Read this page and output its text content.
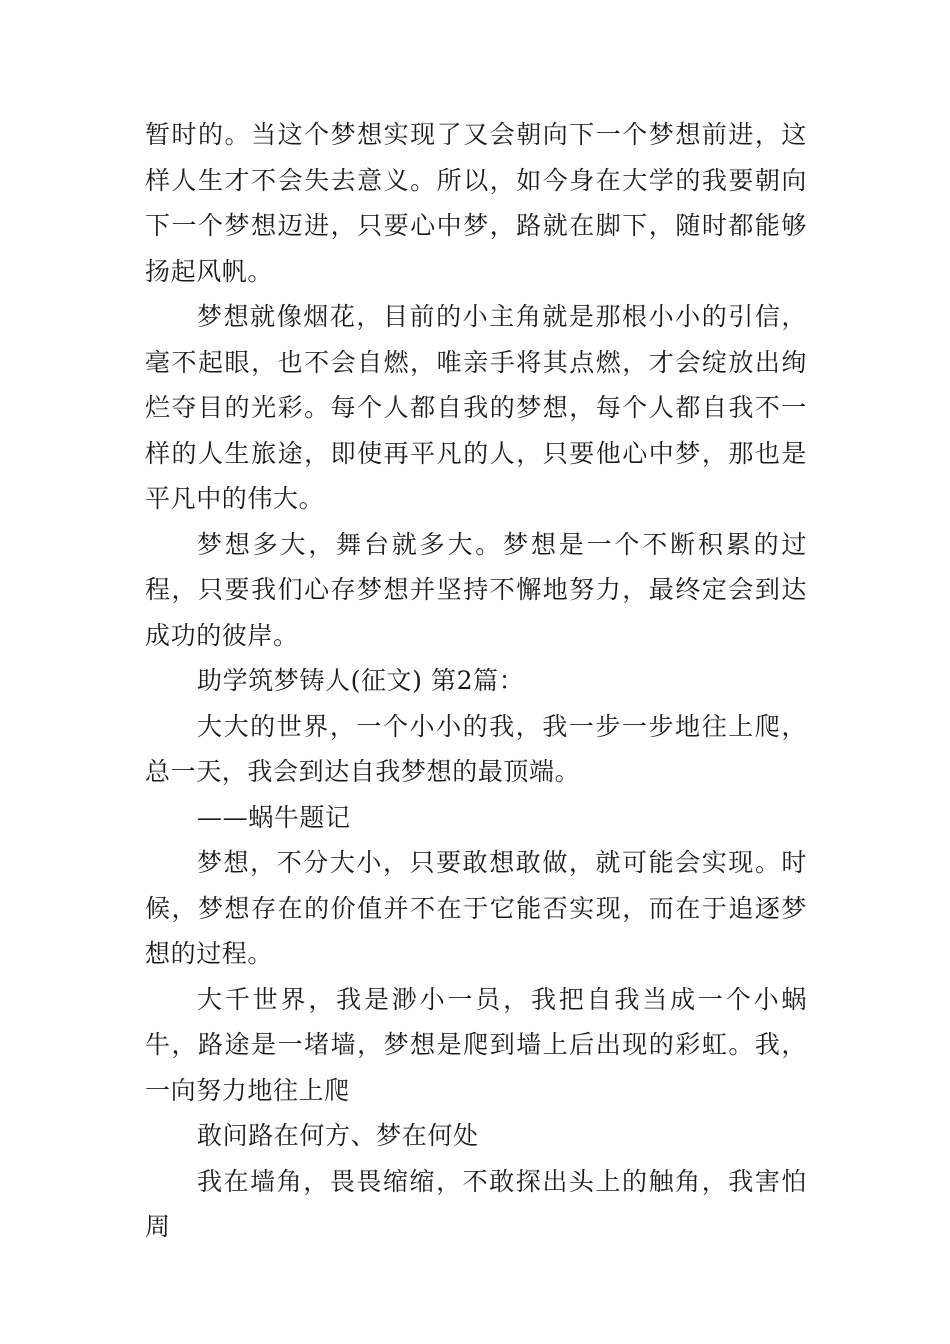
暂时的。当这个梦想实现了又会朝向下一个梦想前进，这样人生才不会失去意义。所以，如今身在大学的我要朝向下一个梦想迈进，只要心中梦，路就在脚下，随时都能够扬起风帆。

梦想就像烟花，目前的小主角就是那根小小的引信，毫不起眼，也不会自燃，唯亲手将其点燃，才会绽放出绚烂夺目的光彩。每个人都自我的梦想，每个人都自我不一样的人生旅途，即使再平凡的人，只要他心中梦，那也是平凡中的伟大。

梦想多大，舞台就多大。梦想是一个不断积累的过程，只要我们心存梦想并坚持不懈地努力，最终定会到达成功的彼岸。

助学筑梦铸人(征文) 第2篇：

大大的世界，一个小小的我，我一步一步地往上爬，总一天，我会到达自我梦想的最顶端。

——蜗牛题记

梦想，不分大小，只要敢想敢做，就可能会实现。时候，梦想存在的价值并不在于它能否实现，而在于追逐梦想的过程。

大千世界，我是渺小一员，我把自我当成一个小蜗牛，路途是一堵墙，梦想是爬到墙上后出现的彩虹。我，一向努力地往上爬

敢问路在何方、梦在何处

我在墙角，畏畏缩缩，不敢探出头上的触角，我害怕周
